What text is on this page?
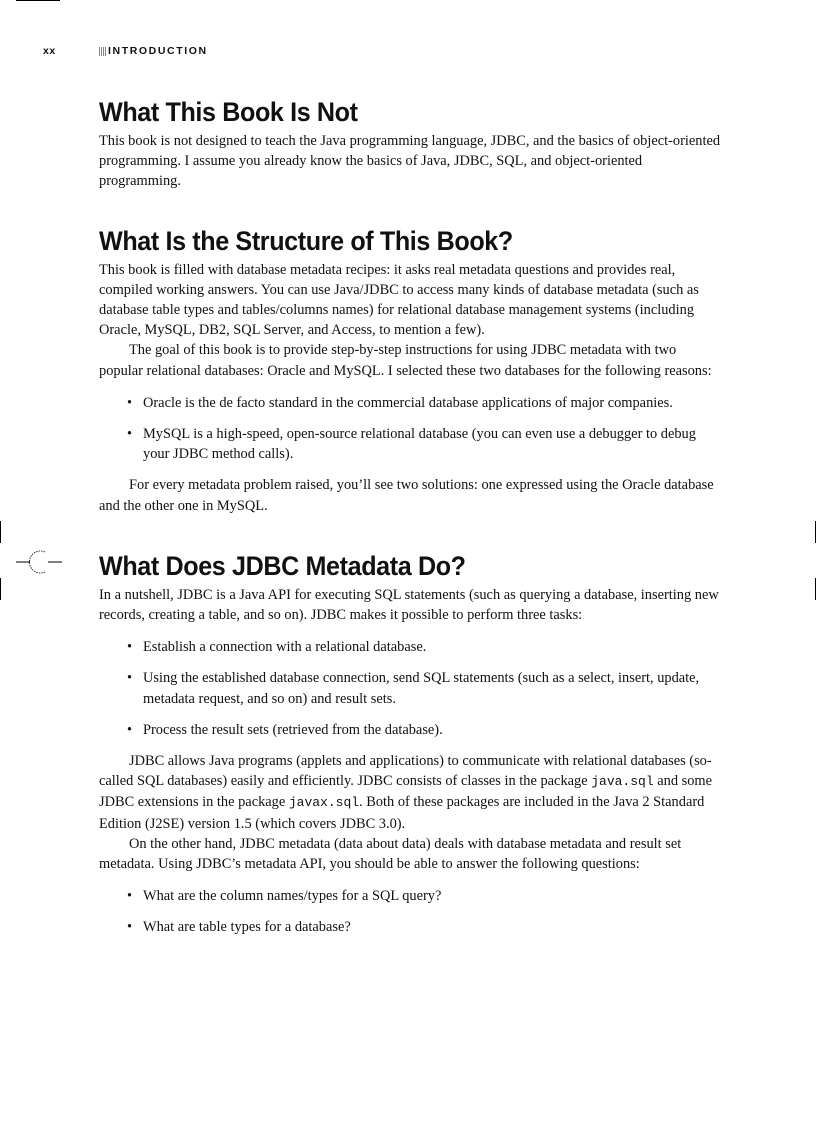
xx	INTRODUCTION
What This Book Is Not

This book is not designed to teach the Java programming language, JDBC, and the basics of object-oriented programming. I assume you already know the basics of Java, JDBC, SQL, and object-oriented programming.

What Is the Structure of This Book?

This book is filled with database metadata recipes: it asks real metadata questions and provides real, compiled working answers. You can use Java/JDBC to access many kinds of database metadata (such as database table types and tables/columns names) for relational database management systems (including Oracle, MySQL, DB2, SQL Server, and Access, to mention a few).

The goal of this book is to provide step-by-step instructions for using JDBC metadata with two popular relational databases: Oracle and MySQL. I selected these two databases for the following reasons:

• Oracle is the de facto standard in the commercial database applications of major companies.
• MySQL is a high-speed, open-source relational database (you can even use a debugger to debug your JDBC method calls).

For every metadata problem raised, you’ll see two solutions: one expressed using the Oracle database and the other one in MySQL.

What Does JDBC Metadata Do?

In a nutshell, JDBC is a Java API for executing SQL statements (such as querying a database, inserting new records, creating a table, and so on). JDBC makes it possible to perform three tasks:

• Establish a connection with a relational database.
• Using the established database connection, send SQL statements (such as a select, insert, update, metadata request, and so on) and result sets.
• Process the result sets (retrieved from the database).

JDBC allows Java programs (applets and applications) to communicate with relational databases (so-called SQL databases) easily and efficiently. JDBC consists of classes in the package java.sql and some JDBC extensions in the package javax.sql. Both of these packages are included in the Java 2 Standard Edition (J2SE) version 1.5 (which covers JDBC 3.0).

On the other hand, JDBC metadata (data about data) deals with database metadata and result set metadata. Using JDBC’s metadata API, you should be able to answer the following questions:

• What are the column names/types for a SQL query?
• What are table types for a database?
